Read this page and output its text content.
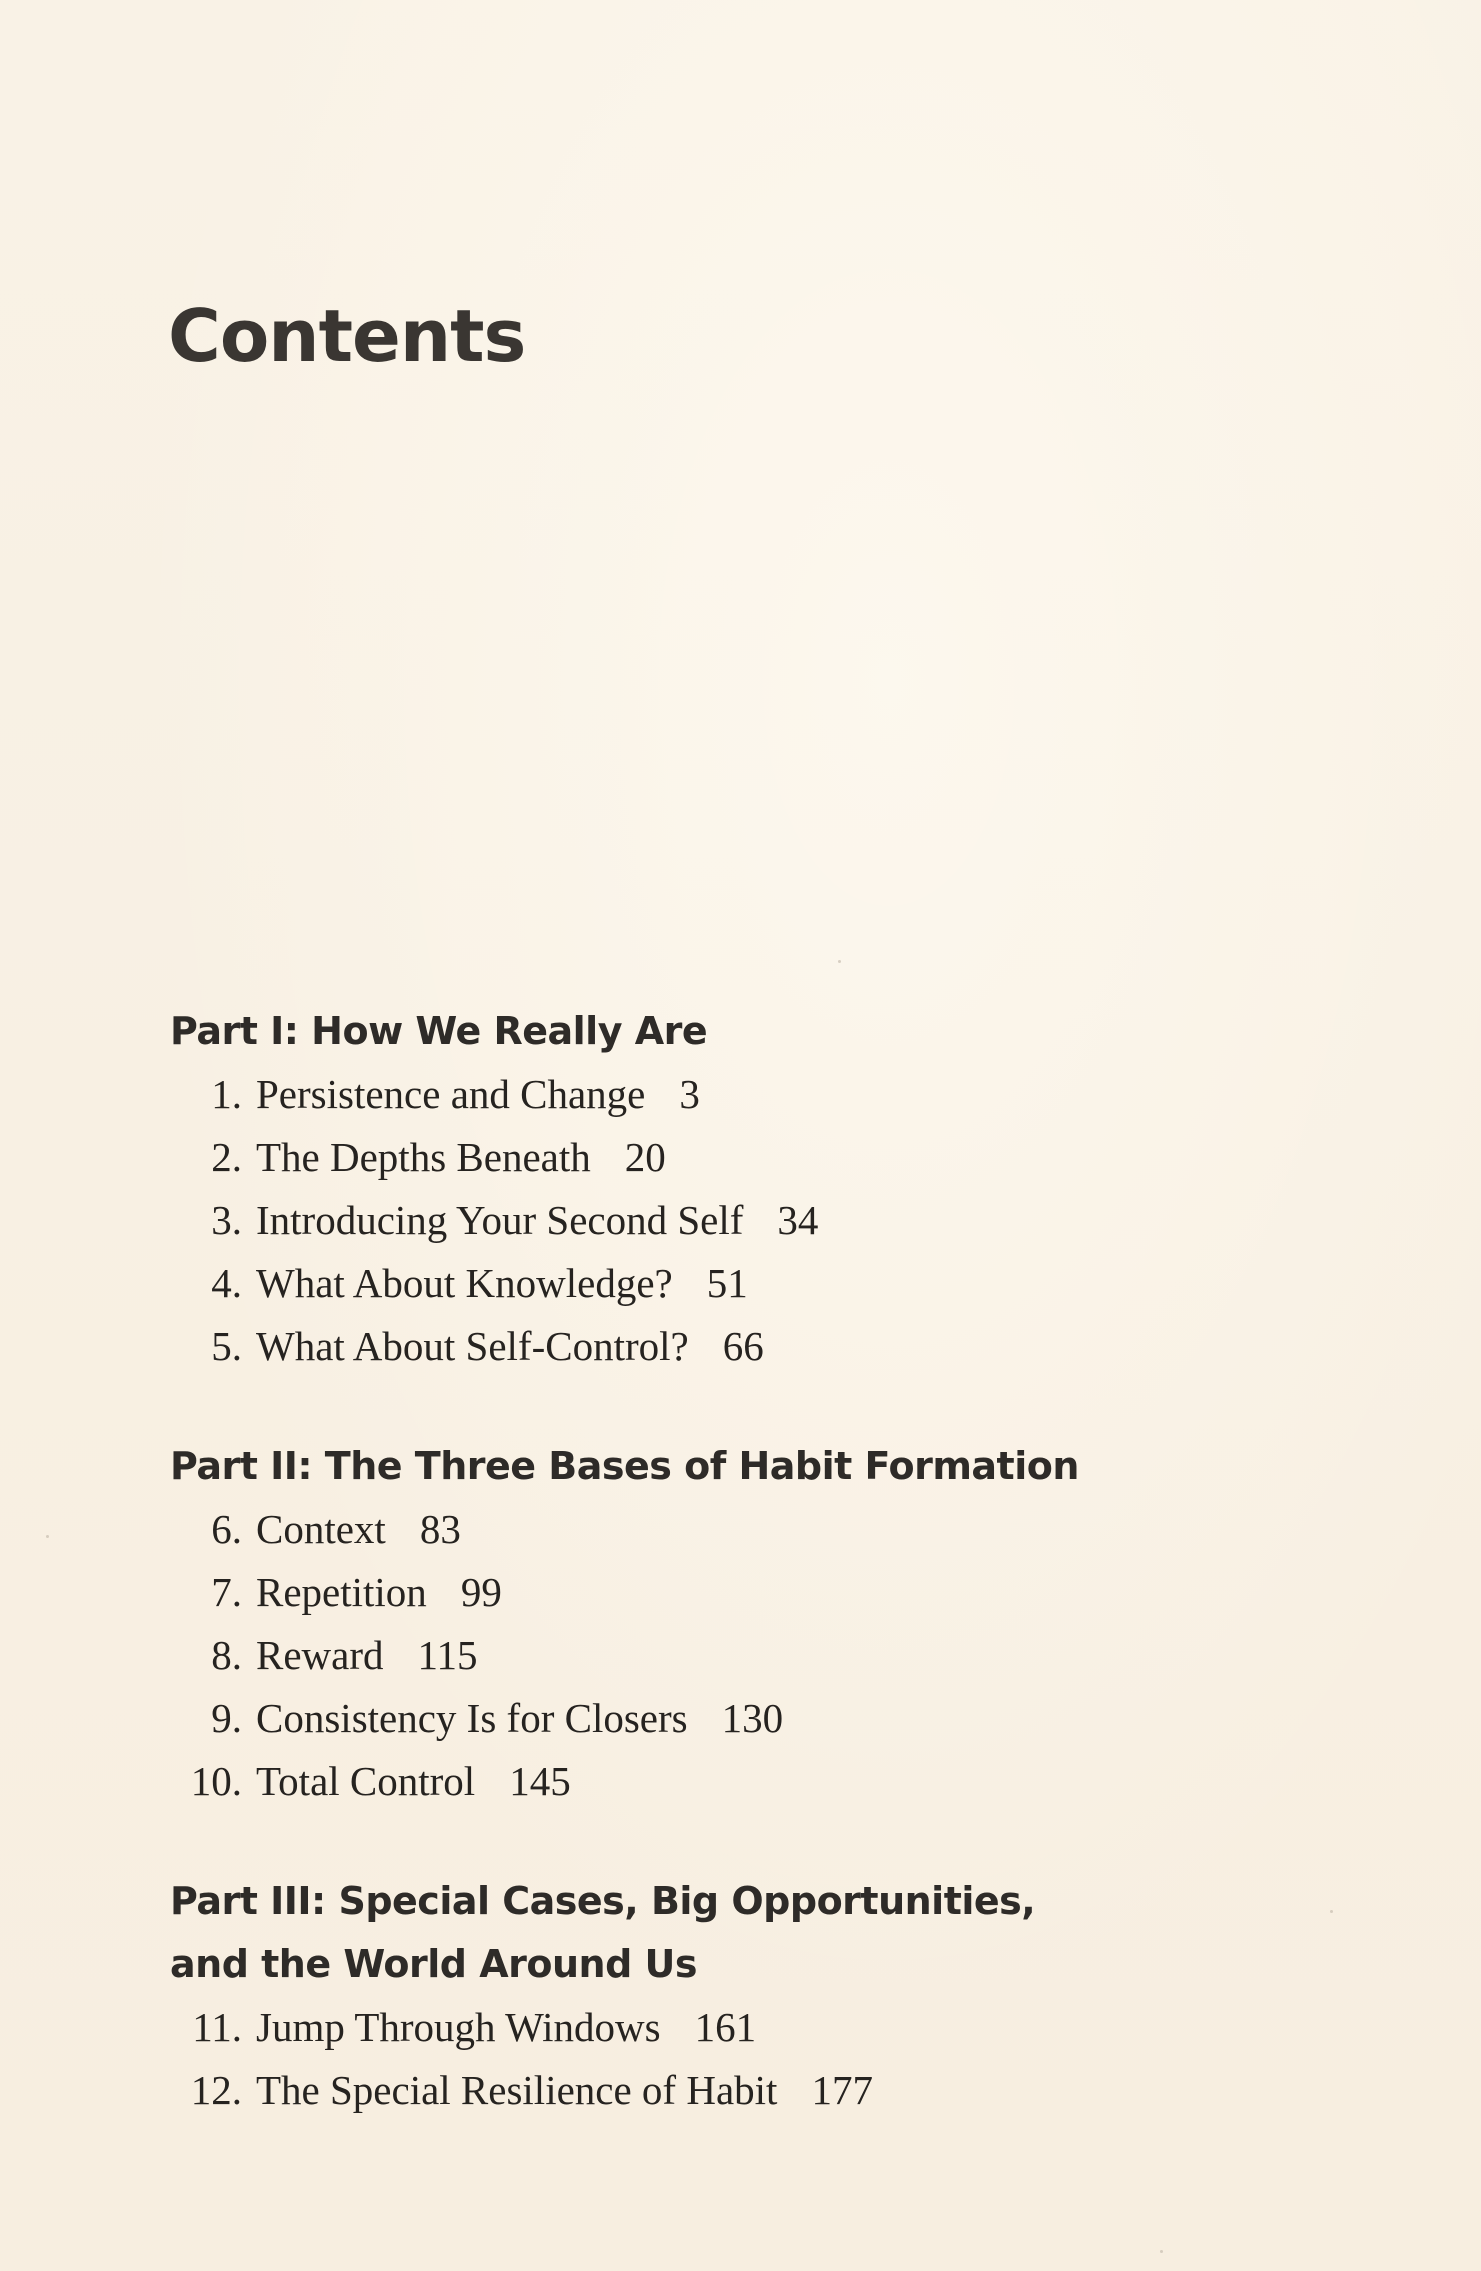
Contents
Part I: How We Really Are
1. Persistence and Change 3
2. The Depths Beneath 20
3. Introducing Your Second Self 34
4. What About Knowledge? 51
5. What About Self-Control? 66
Part II: The Three Bases of Habit Formation
6. Context 83
7. Repetition 99
8. Reward 115
9. Consistency Is for Closers 130
10. Total Control 145
Part III: Special Cases, Big Opportunities,
and the World Around Us
11. Jump Through Windows 161
12. The Special Resilience of Habit 177
